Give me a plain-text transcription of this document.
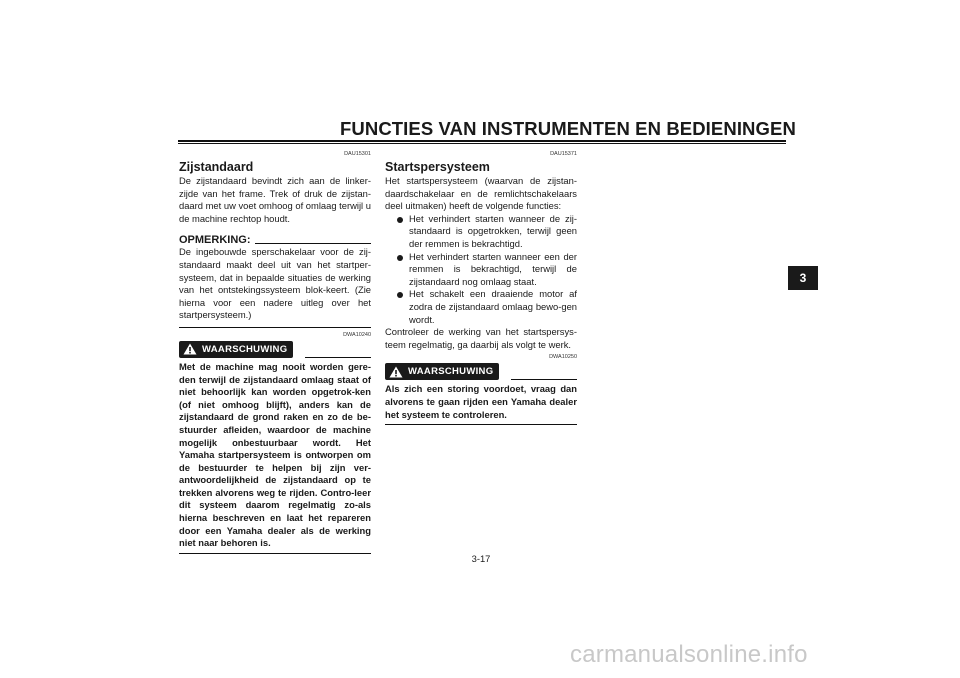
FUNCTIES VAN INSTRUMENTEN EN BEDIENINGEN
3
DAU15301
Zijstandaard

De zijstandaard bevindt zich aan de linker-zijde van het frame. Trek of druk de zijstan-daard met uw voet omhoog of omlaag terwijl u de machine rechtop houdt.

OPMERKING:

De ingebouwde sperschakelaar voor de zij-standaard maakt deel uit van het startper-systeem, dat in bepaalde situaties de werking van het ontstekingssysteem blok-keert. (Zie hierna voor een nadere uitleg over het startpersysteem.)

DWA10240
WAARSCHUWING

Met de machine mag nooit worden gere-den terwijl de zijstandaard omlaag staat of niet behoorlijk kan worden opgetrok-ken (of niet omhoog blijft), anders kan de zijstandaard de grond raken en zo de be-stuurder afleiden, waardoor de machine mogelijk onbestuurbaar wordt. Het Yamaha startpersysteem is ontworpen om de bestuurder te helpen bij zijn ver-antwoordelijkheid de zijstandaard op te trekken alvorens weg te rijden. Contro-leer dit systeem daarom regelmatig zo-als hierna beschreven en laat het repareren door een Yamaha dealer als de werking niet naar behoren is.

DAU15371
Startspersysteem

Het startspersysteem (waarvan de zijstan-daardschakelaar en de remlichtschakelaars deel uitmaken) heeft de volgende functies:

Het verhindert starten wanneer de zij-standaard is opgetrokken, terwijl geen der remmen is bekrachtigd.
Het verhindert starten wanneer een der remmen is bekrachtigd, terwijl de zijstandaard nog omlaag staat.
Het schakelt een draaiende motor af zodra de zijstandaard omlaag bewo-gen wordt.

Controleer de werking van het startspersys-teem regelmatig, ga daarbij als volgt te werk.

DWA10250
WAARSCHUWING

Als zich een storing voordoet, vraag dan alvorens te gaan rijden een Yamaha dealer het systeem te controleren.

3-17
carmanualsonline.info
